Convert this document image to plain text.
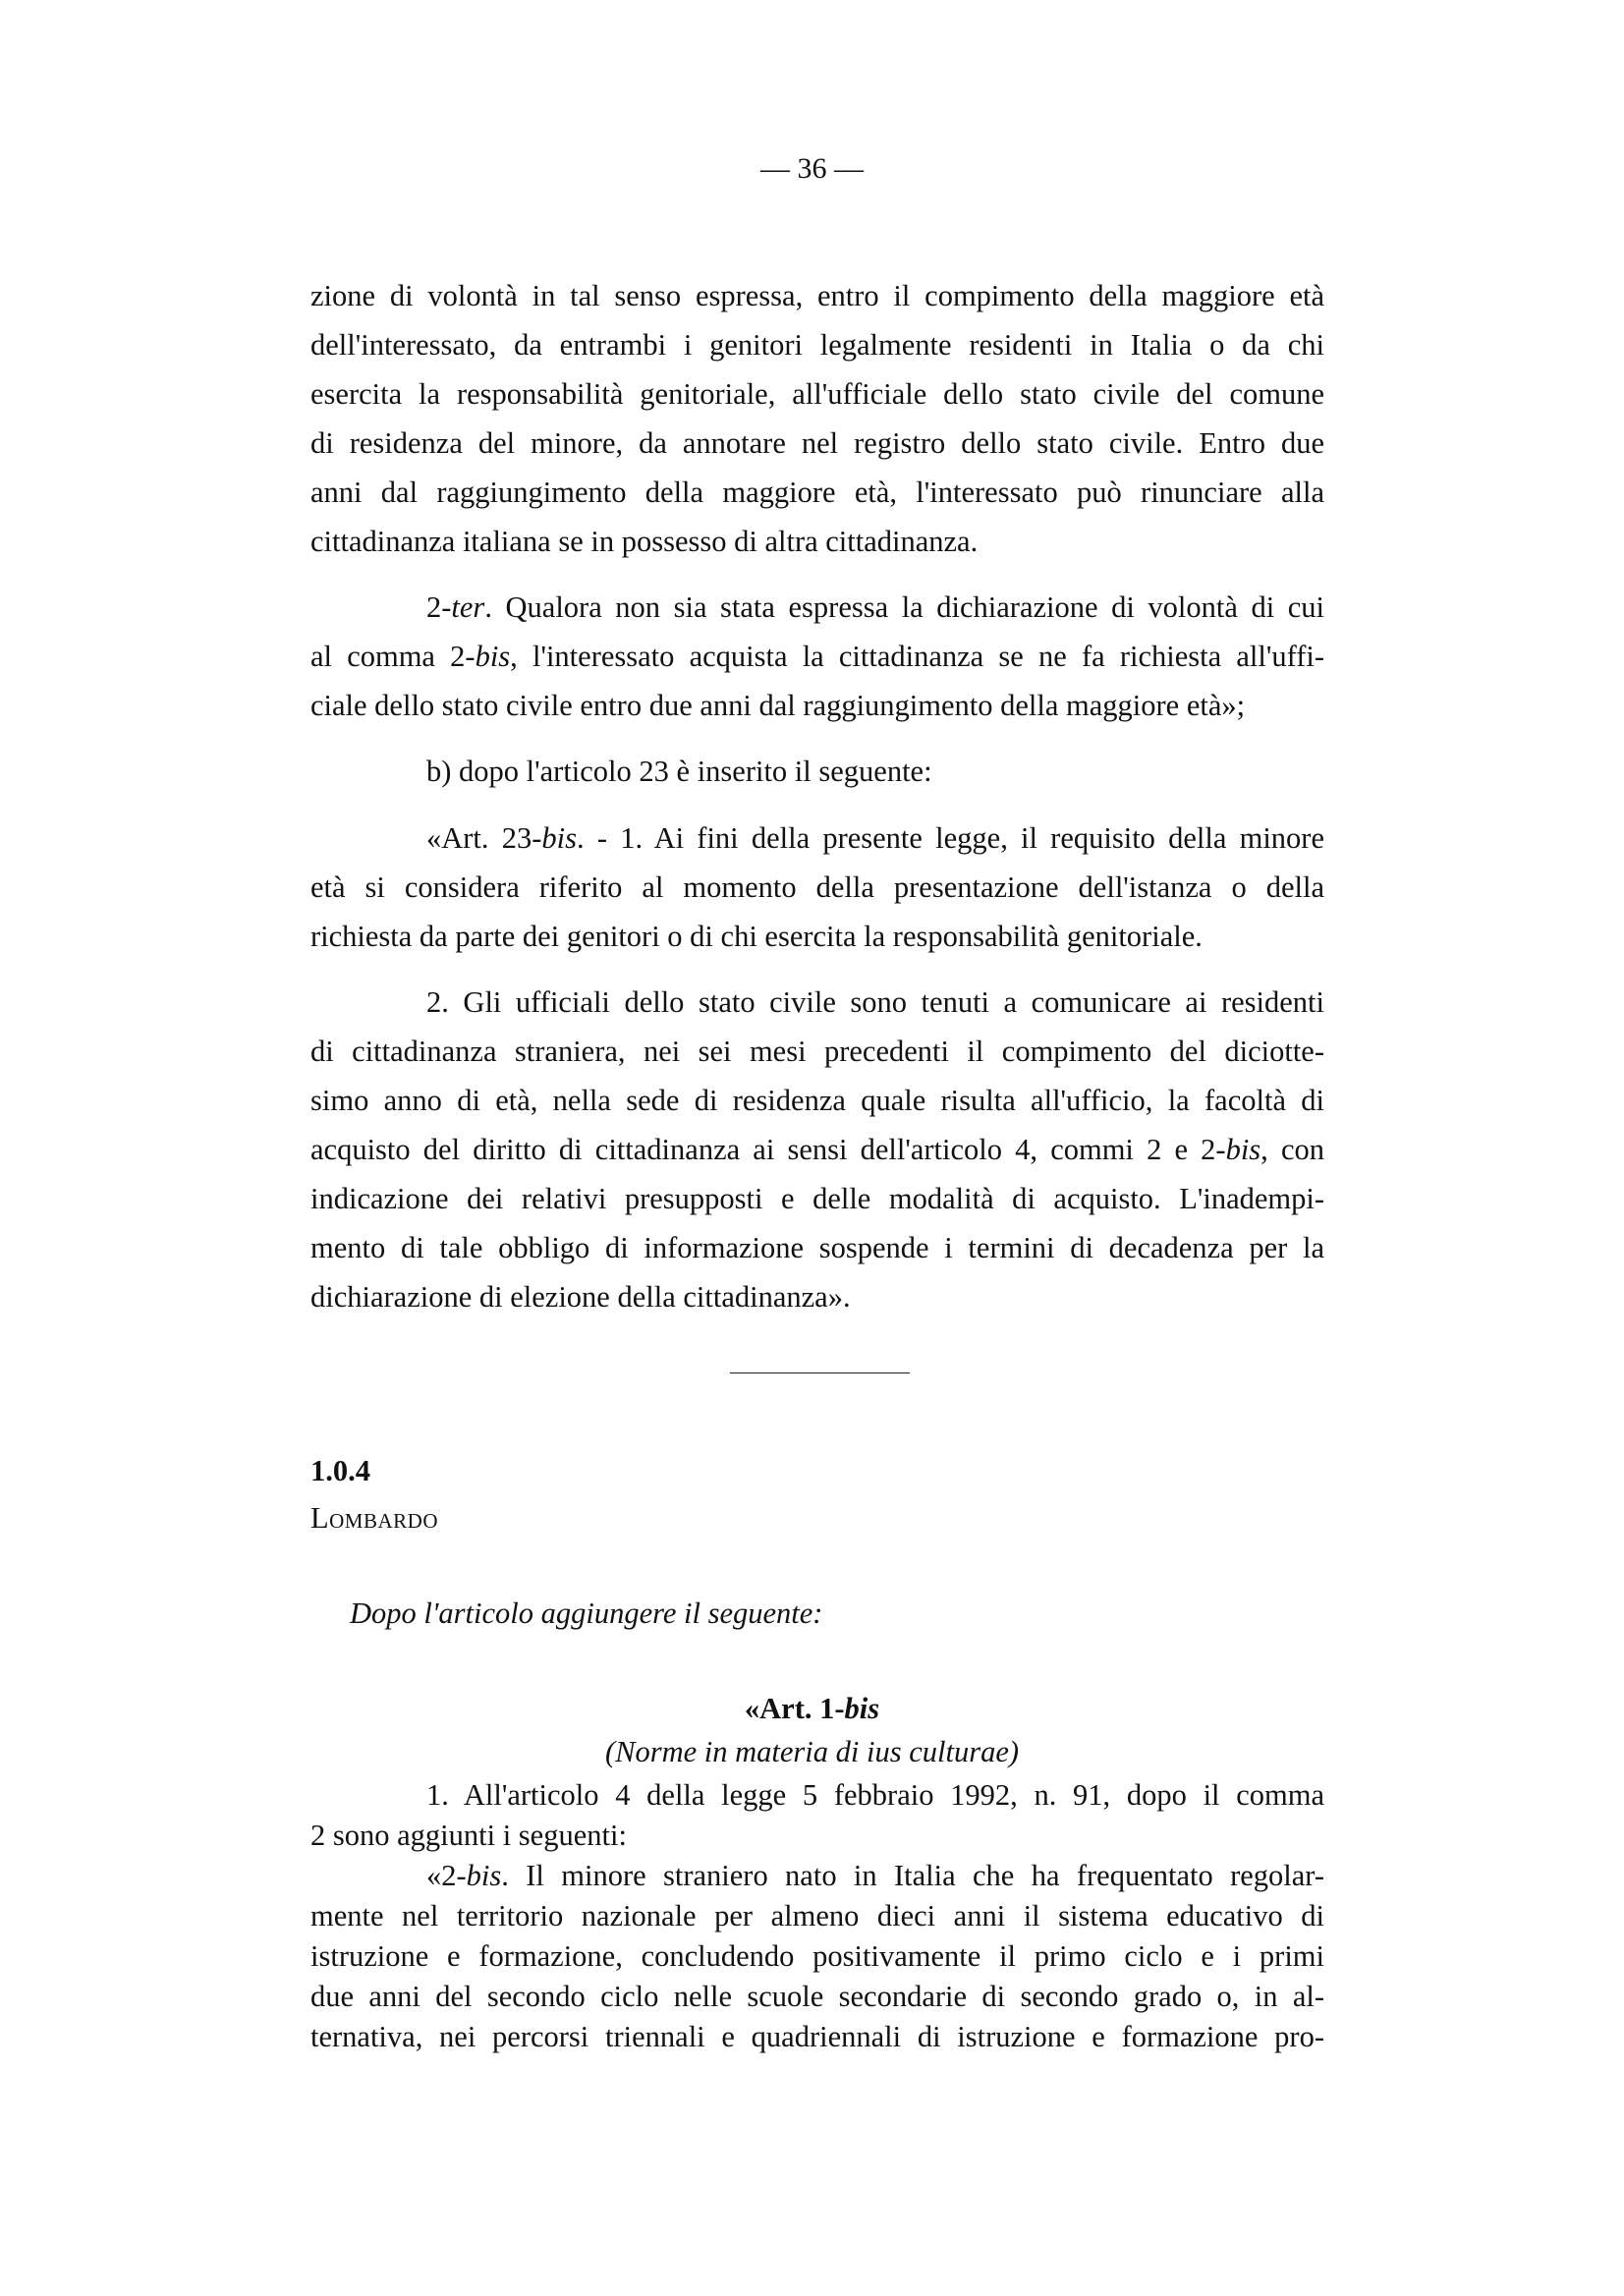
— 36 —
zione di volontà in tal senso espressa, entro il compimento della maggiore età
dell'interessato, da entrambi i genitori legalmente residenti in Italia o da chi
esercita la responsabilità genitoriale, all'ufficiale dello stato civile del comune
di residenza del minore, da annotare nel registro dello stato civile. Entro due
anni dal raggiungimento della maggiore età, l'interessato può rinunciare alla
cittadinanza italiana se in possesso di altra cittadinanza.
2-ter. Qualora non sia stata espressa la dichiarazione di volontà di cui
al comma 2-bis, l'interessato acquista la cittadinanza se ne fa richiesta all'uffi-
ciale dello stato civile entro due anni dal raggiungimento della maggiore età»;
b) dopo l'articolo 23 è inserito il seguente:
«Art. 23-bis. - 1. Ai fini della presente legge, il requisito della minore
età si considera riferito al momento della presentazione dell'istanza o della
richiesta da parte dei genitori o di chi esercita la responsabilità genitoriale.
2. Gli ufficiali dello stato civile sono tenuti a comunicare ai residenti
di cittadinanza straniera, nei sei mesi precedenti il compimento del diciotte-
simo anno di età, nella sede di residenza quale risulta all'ufficio, la facoltà di
acquisto del diritto di cittadinanza ai sensi dell'articolo 4, commi 2 e 2-bis, con
indicazione dei relativi presupposti e delle modalità di acquisto. L'inadempi-
mento di tale obbligo di informazione sospende i termini di decadenza per la
dichiarazione di elezione della cittadinanza».
1.0.4
Lombardo
Dopo l'articolo aggiungere il seguente:
«Art. 1-bis
(Norme in materia di ius culturae)
1. All'articolo 4 della legge 5 febbraio 1992, n. 91, dopo il comma
2 sono aggiunti i seguenti:
«2-bis. Il minore straniero nato in Italia che ha frequentato regolar-
mente nel territorio nazionale per almeno dieci anni il sistema educativo di
istruzione e formazione, concludendo positivamente il primo ciclo e i primi
due anni del secondo ciclo nelle scuole secondarie di secondo grado o, in al-
ternativa, nei percorsi triennali e quadriennali di istruzione e formazione pro-
